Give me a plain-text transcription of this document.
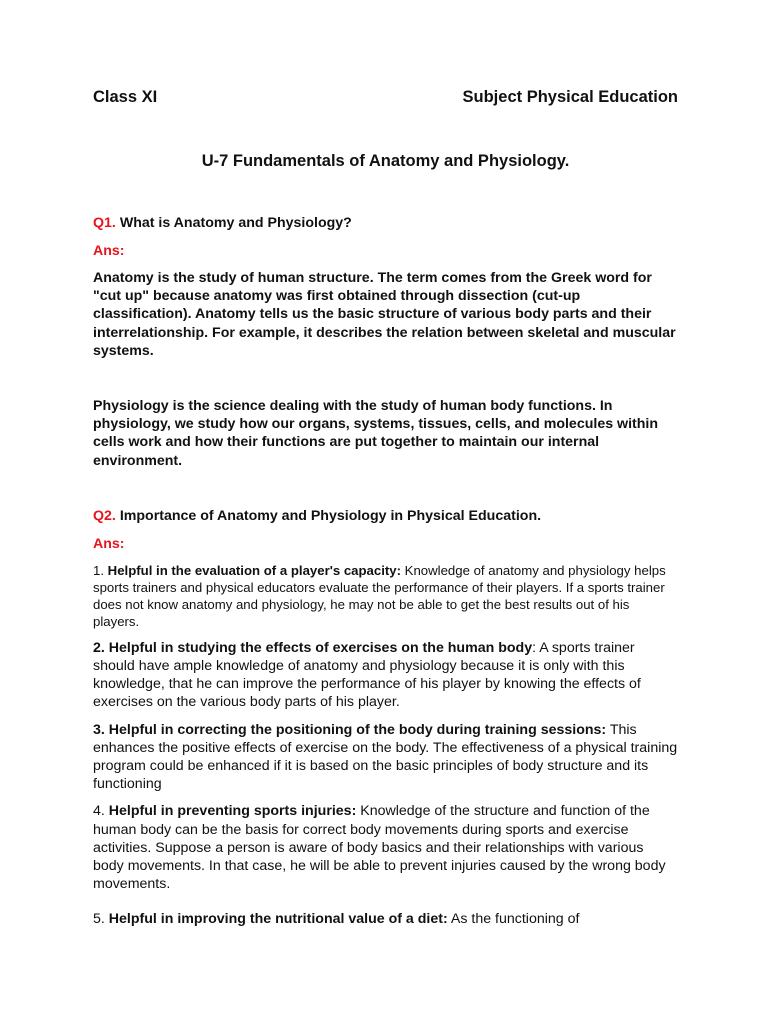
Class XI	Subject Physical Education
U-7 Fundamentals of Anatomy and Physiology.
Q1. What is Anatomy and Physiology?
Ans:

Anatomy is the study of human structure. The term comes from the Greek word for "cut up" because anatomy was first obtained through dissection (cut-up classification). Anatomy tells us the basic structure of various body parts and their interrelationship. For example, it describes the relation between skeletal and muscular systems.

Physiology is the science dealing with the study of human body functions. In physiology, we study how our organs, systems, tissues, cells, and molecules within cells work and how their functions are put together to maintain our internal environment.

Q2. Importance of Anatomy and Physiology in Physical Education.
Ans:

1. Helpful in the evaluation of a player's capacity: Knowledge of anatomy and physiology helps sports trainers and physical educators evaluate the performance of their players. If a sports trainer does not know anatomy and physiology, he may not be able to get the best results out of his players.

2. Helpful in studying the effects of exercises on the human body: A sports trainer should have ample knowledge of anatomy and physiology because it is only with this knowledge, that he can improve the performance of his player by knowing the effects of exercises on the various body parts of his player.

3. Helpful in correcting the positioning of the body during training sessions: This enhances the positive effects of exercise on the body. The effectiveness of a physical training program could be enhanced if it is based on the basic principles of body structure and its functioning

4. Helpful in preventing sports injuries: Knowledge of the structure and function of the human body can be the basis for correct body movements during sports and exercise activities. Suppose a person is aware of body basics and their relationships with various body movements. In that case, he will be able to prevent injuries caused by the wrong body movements.

5. Helpful in improving the nutritional value of a diet: As the functioning of
